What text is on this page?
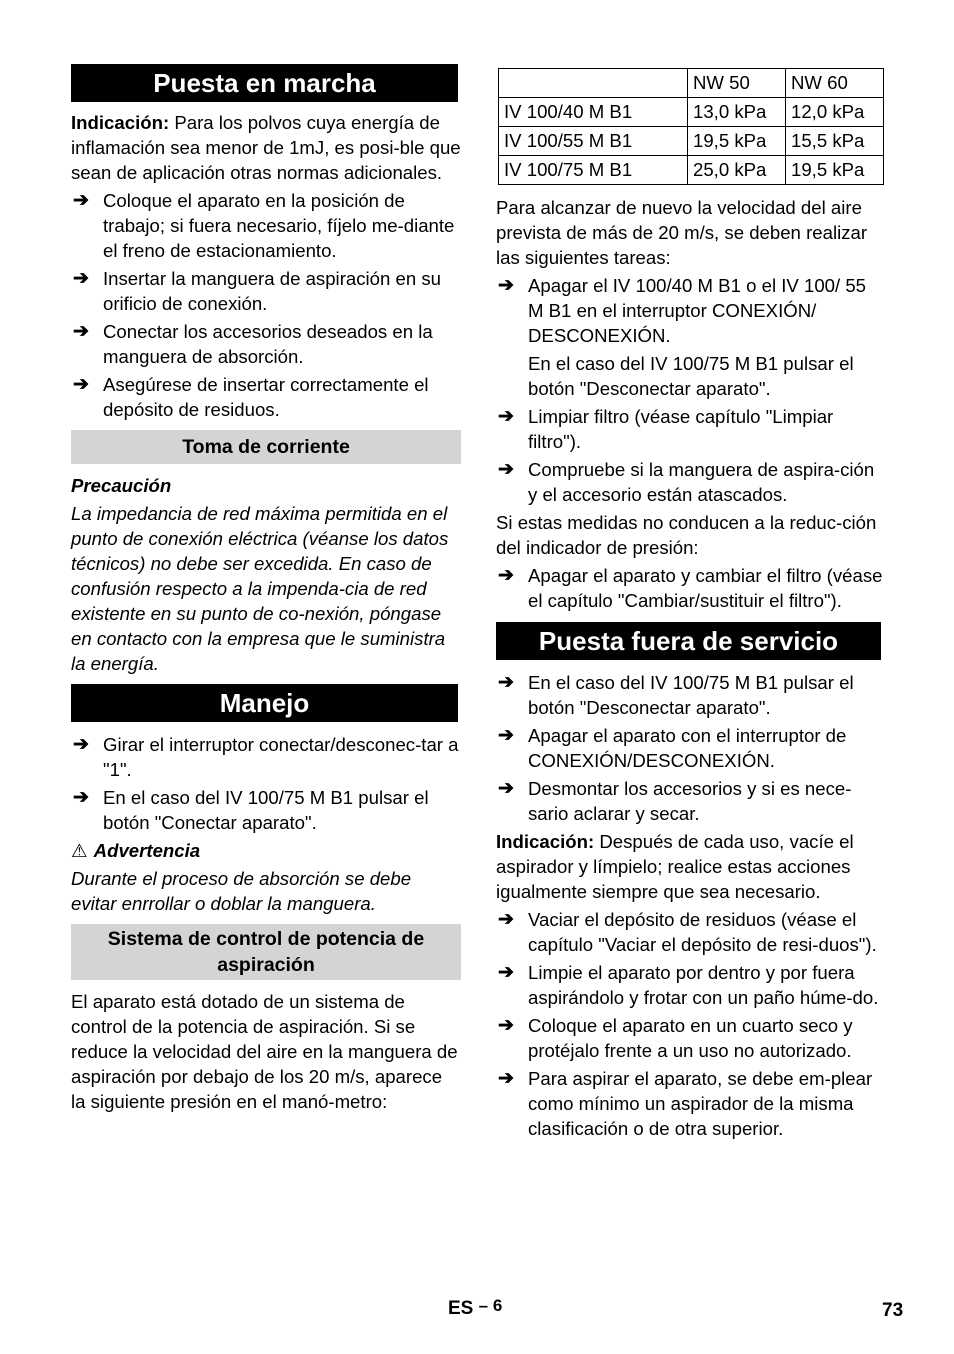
Puesta en marcha

Indicación: Para los polvos cuya energía de inflamación sea menor de 1mJ, es posi-ble que sean de aplicación otras normas adicionales.

➔ Coloque el aparato en la posición de trabajo; si fuera necesario, fíjelo me-diante el freno de estacionamiento.
➔ Insertar la manguera de aspiración en su orificio de conexión.
➔ Conectar los accesorios deseados en la manguera de absorción.
➔ Asegúrese de insertar correctamente el depósito de residuos.
Toma de corriente

Precaución

La impedancia de red máxima permitida en el punto de conexión eléctrica (véanse los datos técnicos) no debe ser excedida. En caso de confusión respecto a la impenda-cia de red existente en su punto de co-nexión, póngase en contacto con la empresa que le suministra la energía.

Manejo
➔ Girar el interruptor conectar/desconec-tar a "1".
➔ En el caso del IV 100/75 M B1 pulsar el botón "Conectar aparato".

⚠ Advertencia

Durante el proceso de absorción se debe evitar enrrollar o doblar la manguera.

Sistema de control de potencia de aspiración

El aparato está dotado de un sistema de control de la potencia de aspiración. Si se reduce la velocidad del aire en la manguera de aspiración por debajo de los 20 m/s, aparece la siguiente presión en el manó-metro:

	NW 50	NW 60
IV 100/40 M B1	13,0 kPa	12,0 kPa
IV 100/55 M B1	19,5 kPa	15,5 kPa
IV 100/75 M B1	25,0 kPa	19,5 kPa

Para alcanzar de nuevo la velocidad del aire prevista de más de 20 m/s, se deben realizar las siguientes tareas:

➔ Apagar el IV 100/40 M B1 o el IV 100/ 55 M B1 en el interruptor CONEXIÓN/ DESCONEXIÓN.

En el caso del IV 100/75 M B1 pulsar el botón "Desconectar aparato".

➔ Limpiar filtro (véase capítulo "Limpiar filtro").
➔ Compruebe si la manguera de aspira-ción y el accesorio están atascados.

Si estas medidas no conducen a la reduc-ción del indicador de presión:

➔ Apagar el aparato y cambiar el filtro (véase el capítulo "Cambiar/sustituir el filtro").
Puesta fuera de servicio
➔ En el caso del IV 100/75 M B1 pulsar el botón "Desconectar aparato".
➔ Apagar el aparato con el interruptor de CONEXIÓN/DESCONEXIÓN.
➔ Desmontar los accesorios y si es nece-sario aclarar y secar.

Indicación: Después de cada uso, vacíe el aspirador y límpielo; realice estas acciones igualmente siempre que sea necesario.

➔ Vaciar el depósito de residuos (véase el capítulo "Vaciar el depósito de resi-duos").
➔ Limpie el aparato por dentro y por fuera aspirándolo y frotar con un paño húme-do.
➔ Coloque el aparato en un cuarto seco y protéjalo frente a un uso no autorizado.
➔ Para aspirar el aparato, se debe em-plear como mínimo un aspirador de la misma clasificación o de otra superior.
ES – 6	73
